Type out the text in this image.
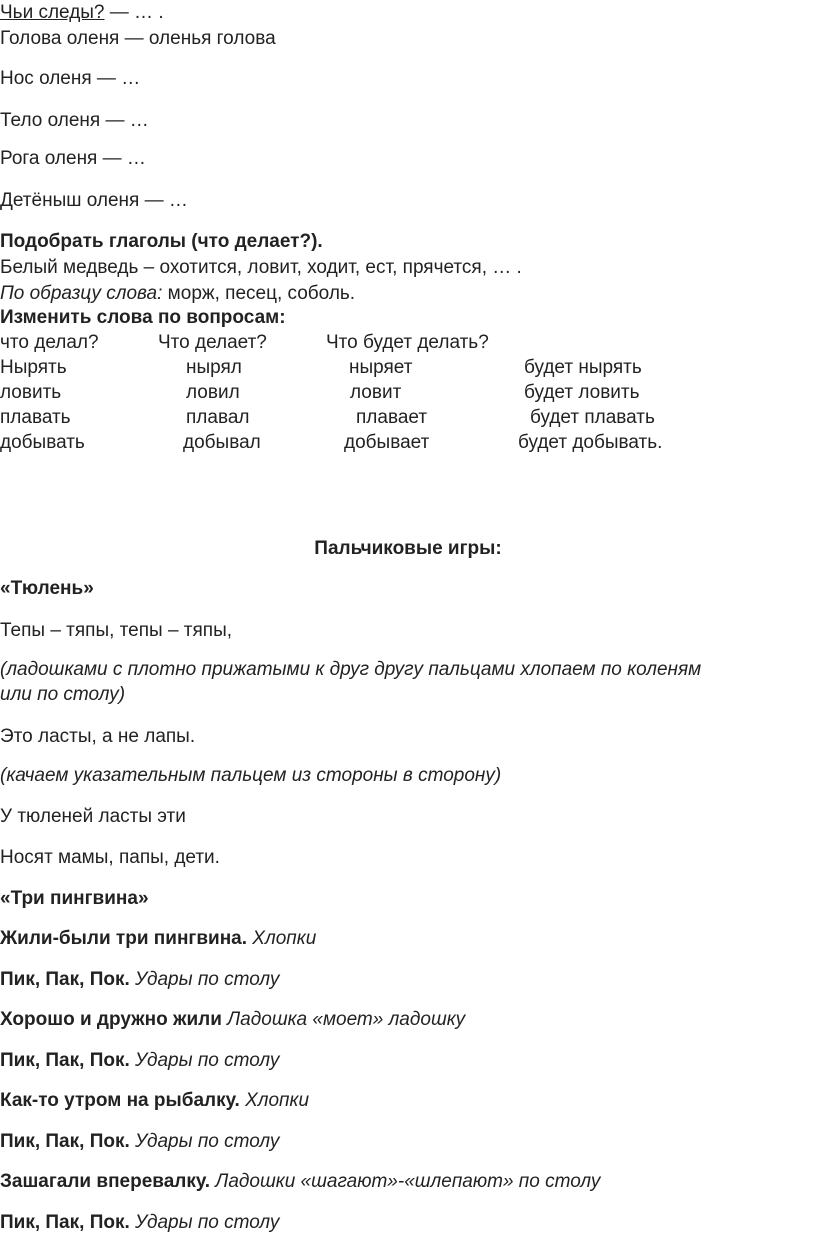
Чьи следы? — … .
Голова оленя — оленья голова
Нос оленя — …
Тело оленя — …
Рога оленя — …
Детёныш оленя — …
Подобрать глаголы (что делает?).
Белый медведь – охотится, ловит, ходит, ест, прячется, … .
По образцу слова: морж, песец, соболь.
Изменить слова по вопросам:
что делал?	Что делает?	Что будет делать?
Нырять	нырял	ныряет	будет нырять
ловить	ловил	ловит	будет ловить
плавать	плавал	плавает	будет плавать
добывать	добывал	добывает	будет добывать.
Пальчиковые игры:
«Тюлень»
Тепы – тяпы, тепы – тяпы,
(ладошками с плотно прижатыми к друг другу пальцами хлопаем по коленям
или по столу)
Это ласты, а не лапы.
(качаем указательным пальцем из стороны в сторону)
У тюленей ласты эти
Носят мамы, папы, дети.
«Три пингвина»
Жили-были три пингвина. Хлопки
Пик, Пак, Пок. Удары по столу
Хорошо и дружно жили Ладошка «моет» ладошку
Пик, Пак, Пок. Удары по столу
Как-то утром на рыбалку. Хлопки
Пик, Пак, Пок. Удары по столу
Зашагали вперевалку. Ладошки «шагают»-«шлепают» по столу
Пик, Пак, Пок. Удары по столу
